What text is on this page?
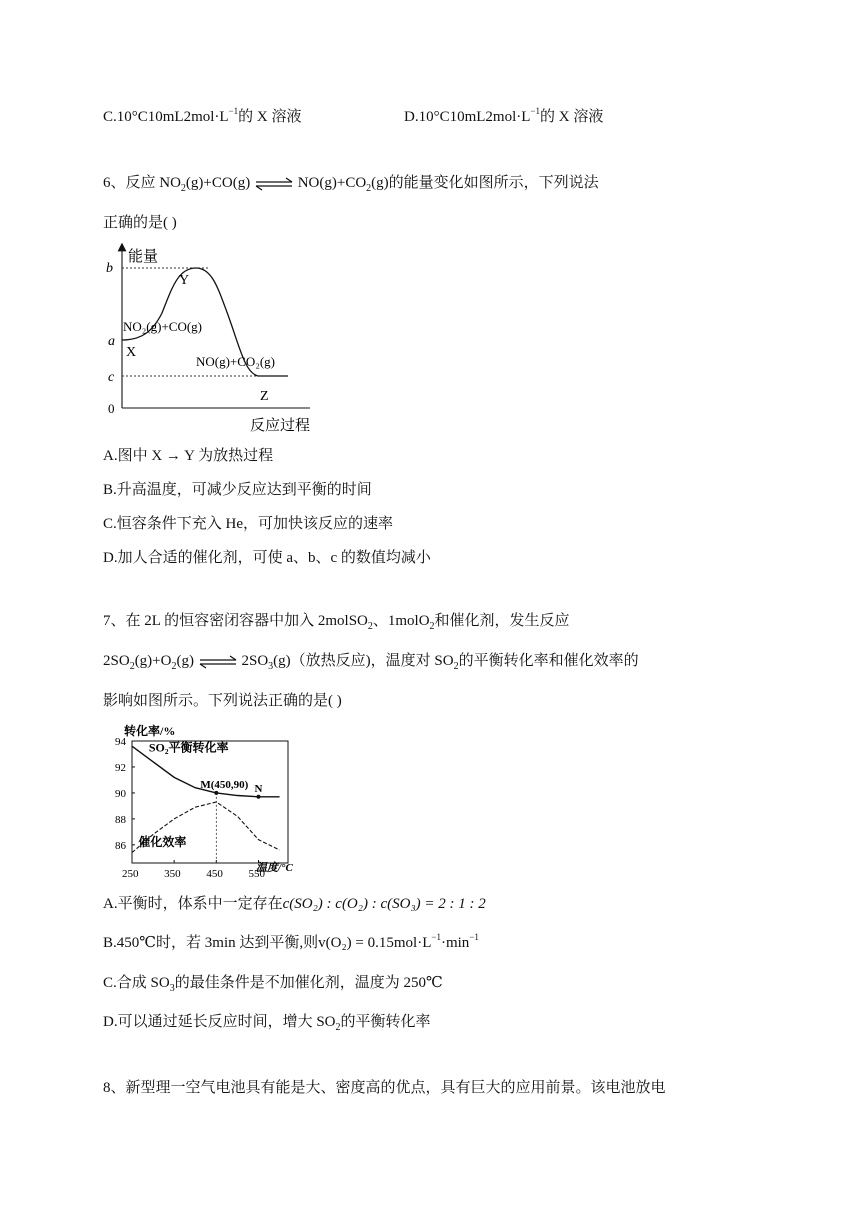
$C.10^\circ C10mL2mol\cdot L^{-1}$的 X 溶液	$D.10^\circ C10mL2mol\cdot L^{-1}$的 X 溶液
6、反应 $NO_2(g)+CO(g)$ ⇌ $NO(g)+CO_2(g)$的能量变化如图所示，下列说法
正确的是( )
能量
反应过程
0
b
a
c
Y
NO₂(g)+CO(g)
X
NO(g)+CO₂(g)
Z
A.图中 X → Y 为放热过程
B.升高温度，可减少反应达到平衡的时间
C.恒容条件下充入 He，可加快该反应的速率
D.加人合适的催化剂，可使 a、b、c 的数值均减小
7、在 2L 的恒容密闭容器中加入 2molSO$_2$、1molO$_2$和催化剂，发生反应
$2SO_2(g)+O_2(g)$ ⇌ $2SO_3(g)$（放热反应)，温度对 $SO_2$的平衡转化率和催化效率的
影响如图所示。下列说法正确的是( )
转化率/%
250 350 450 550
94
92
90
88
86
SO₂平衡转化率
催化效率
M(450,90) N
温度/°C
A.平衡时，体系中一定存在c(SO₂) : c(O₂) : c(SO₃) = 2 : 1 : 2
B.450℃时，若 3min 达到平衡,则$v(O_2) = 0.15mol\cdot L^{-1}\cdot\min^{-1}$
C.合成 $SO_3$的最佳条件是不加催化剂，温度为 250℃
D.可以通过延长反应时间，增大 $SO_2$的平衡转化率
8、新型理一空气电池具有能是大、密度高的优点，具有巨大的应用前景。该电池放电
